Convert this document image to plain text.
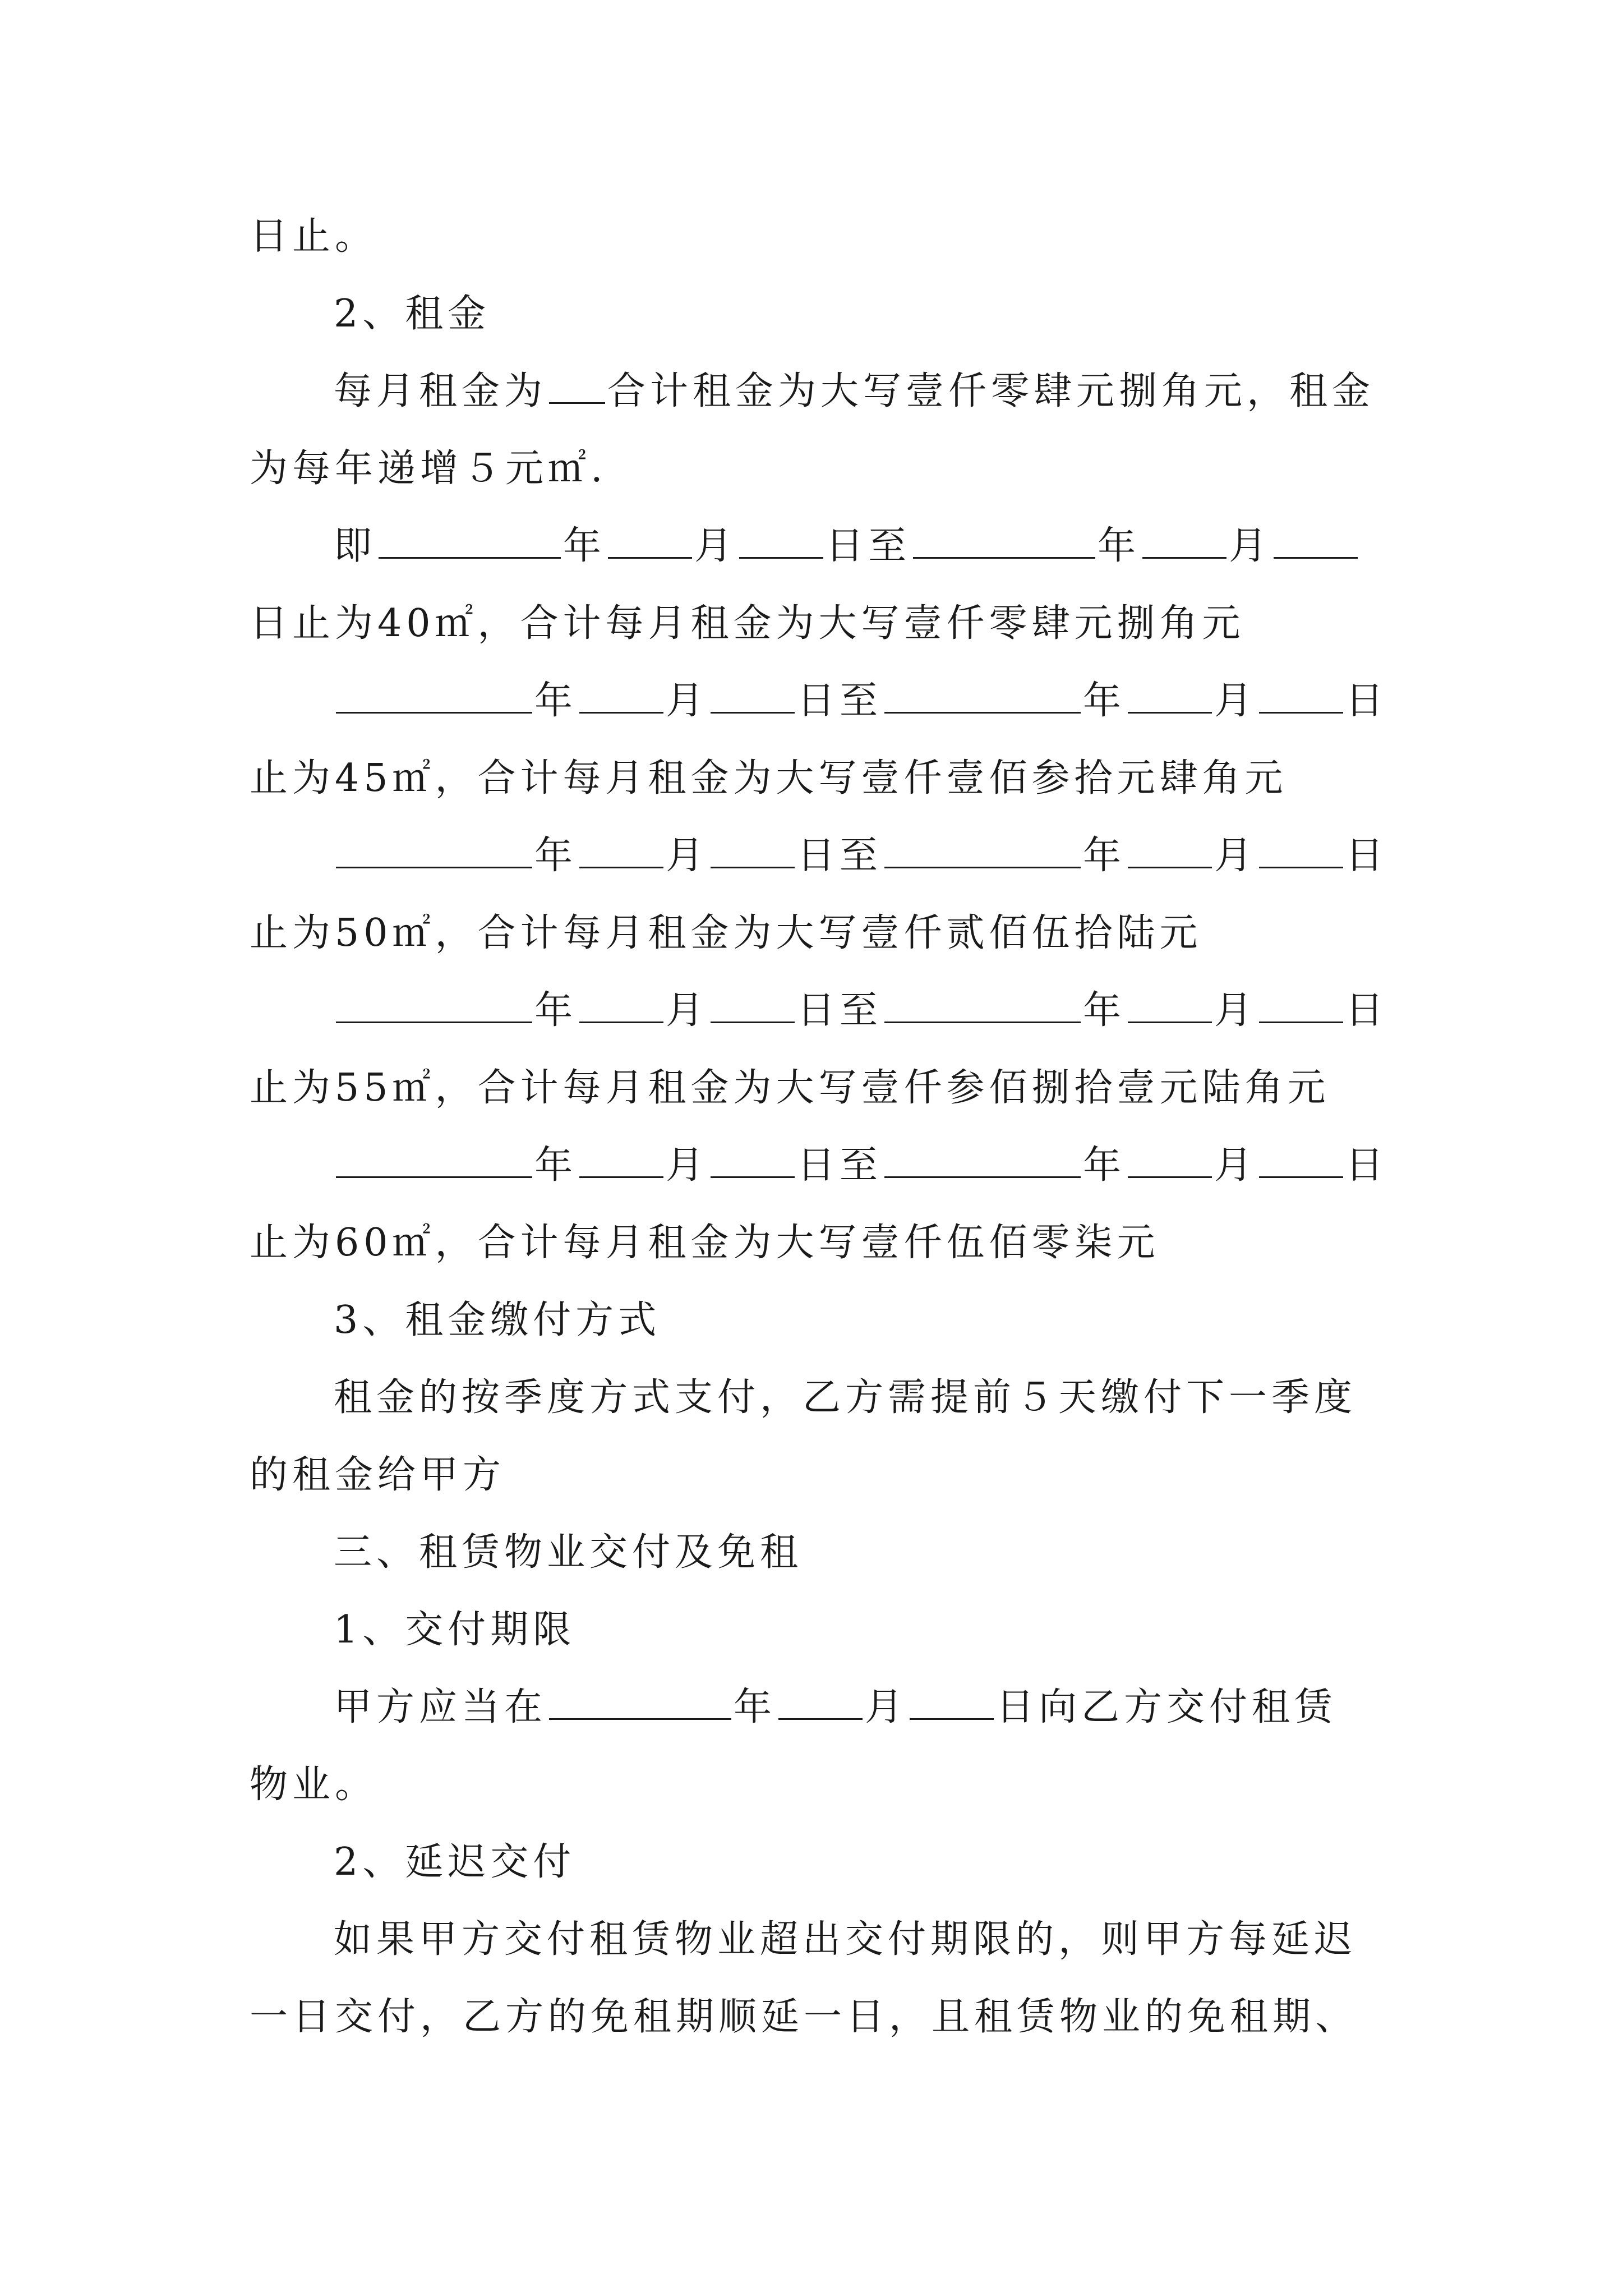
日止。
2、租金
每月租金为 合计租金为大写壹仟零肆元捌角元，租金
为每年递增５元㎡.
即	年 月 日至	年 月
日止为40㎡，合计每月租金为大写壹仟零肆元捌角元
年 月 日至	年 月 日
止为45㎡，合计每月租金为大写壹仟壹佰参拾元肆角元
年 月 日至	年 月 日
止为50㎡，合计每月租金为大写壹仟贰佰伍拾陆元
年 月 日至	年 月 日
止为55㎡，合计每月租金为大写壹仟参佰捌拾壹元陆角元
年 月 日至	年 月 日
止为60㎡，合计每月租金为大写壹仟伍佰零柒元
3、租金缴付方式
租金的按季度方式支付，乙方需提前５天缴付下一季度
的租金给甲方
三、租赁物业交付及免租
1、交付期限
甲方应当在	年 月 日向乙方交付租赁
物业。
2、延迟交付
如果甲方交付租赁物业超出交付期限的，则甲方每延迟
一日交付，乙方的免租期顺延一日，且租赁物业的免租期、
